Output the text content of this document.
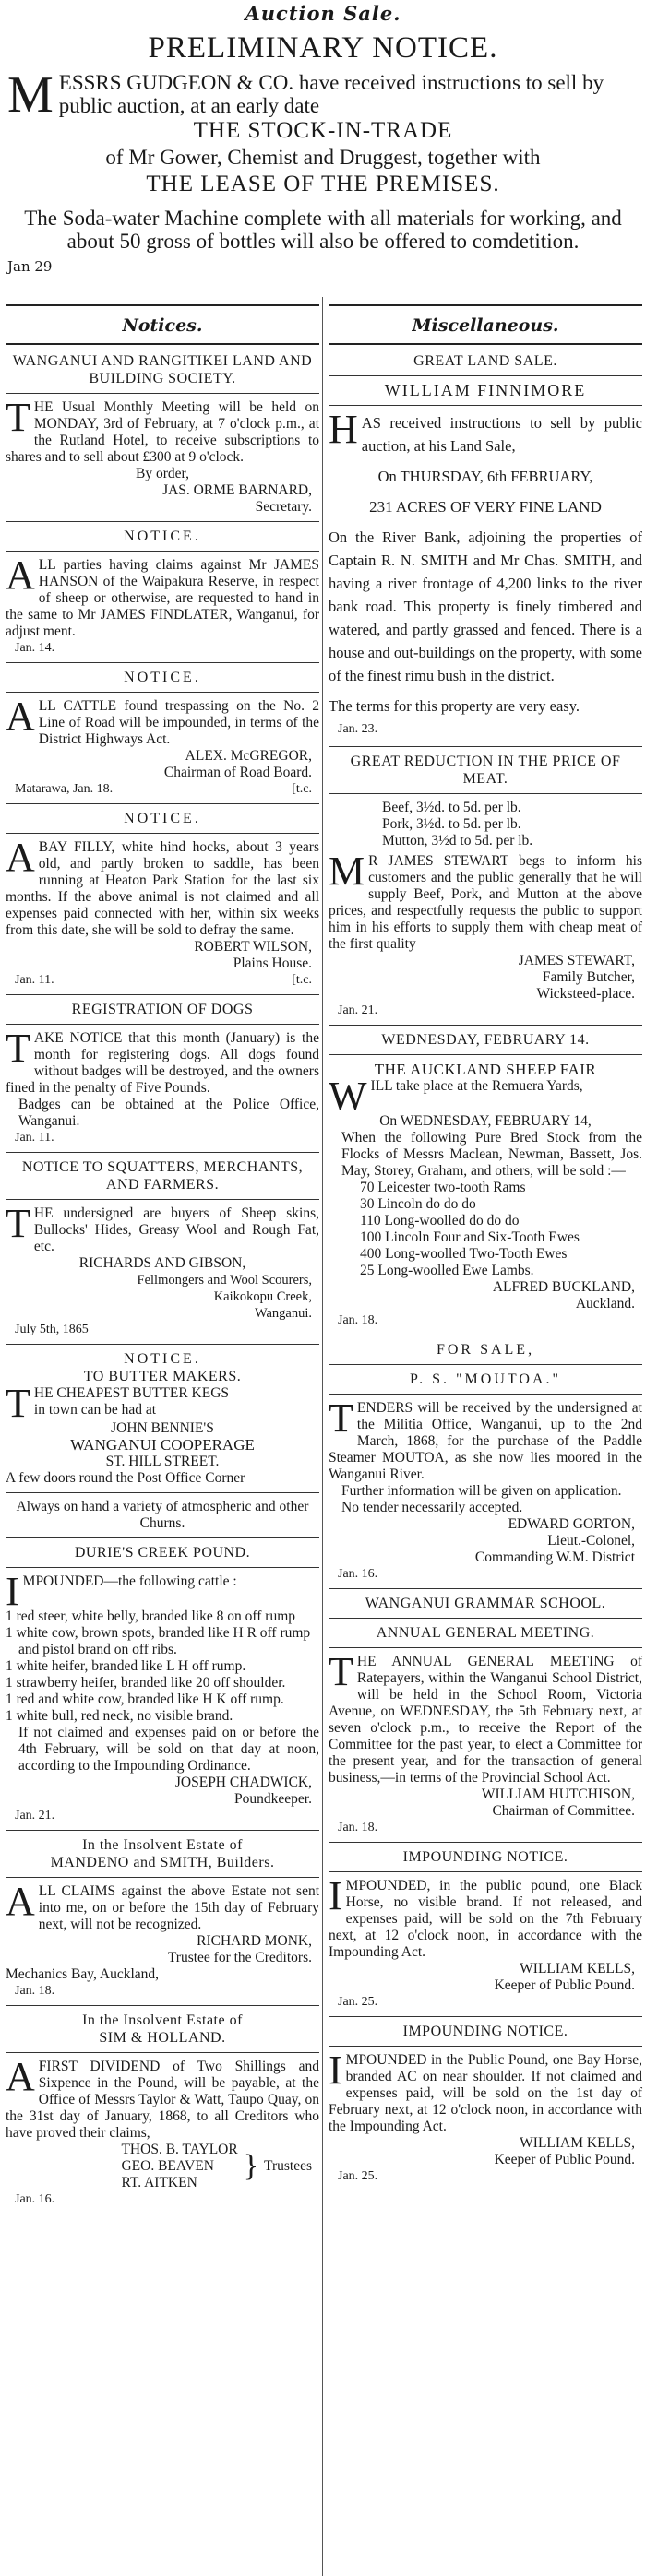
Auction Sale.
PRELIMINARY NOTICE.

MESSRS GUDGEON & CO. have received instructions to sell by public auction, at an early date

THE STOCK-IN-TRADE

of Mr Gower, Chemist and Druggest, together with

THE LEASE OF THE PREMISES.

The Soda-water Machine complete with all materials for working, and about 50 gross of bottles will also be offered to comdetition.

Jan 29
Notices.
WANGANUI AND RANGITIKEI LAND AND BUILDING SOCIETY.

THE Usual Monthly Meeting will be held on MONDAY, 3rd of February, at 7 o'clock p.m., at the Rutland Hotel, to receive subscriptions to shares and to sell about £300 at 9 o'clock.

By order,

JAS. ORME BARNARD,

Secretary.

NOTICE.

ALL parties having claims against Mr JAMES HANSON of the Waipakura Reserve, in respect of sheep or otherwise, are requested to hand in the same to Mr JAMES FINDLATER, Wanganui, for adjust ment.

Jan. 14.

NOTICE.

ALL CATTLE found trespassing on the No. 2 Line of Road will be impounded, in terms of the District Highways Act.

ALEX. McGREGOR,

Chairman of Road Board.

Matarawa, Jan. 18.	[t.c.
NOTICE.

ABAY FILLY, white hind hocks, about 3 years old, and partly broken to saddle, has been running at Heaton Park Station for the last six months. If the above animal is not claimed and all expenses paid connected with her, within six weeks from this date, she will be sold to defray the same.

ROBERT WILSON,

Plains House.

Jan. 11.	[t.c.
REGISTRATION OF DOGS

TAKE NOTICE that this month (January) is the month for registering dogs. All dogs found without badges will be destroyed, and the owners fined in the penalty of Five Pounds.

Badges can be obtained at the Police Office, Wanganui.

Jan. 11.

NOTICE TO SQUATTERS, MERCHANTS, AND FARMERS.

THE undersigned are buyers of Sheep skins, Bullocks' Hides, Greasy Wool and Rough Fat, etc.

RICHARDS AND GIBSON,

Fellmongers and Wool Scourers,

Kaikokopu Creek,

Wanganui.

July 5th, 1865

NOTICE.
TO BUTTER MAKERS.

THE CHEAPEST BUTTER KEGS
in town can be had at

JOHN BENNIE'S

WANGANUI COOPERAGE

ST. HILL STREET.

A few doors round the Post Office Corner

Always on hand a variety of atmospheric and other Churns.

DURIE'S CREEK POUND.

IMPOUNDED—the following cattle :

1 red steer, white belly, branded like 8 on off rump

1 white cow, brown spots, branded like H R off rump and pistol brand on off ribs.

1 white heifer, branded like L H off rump.

1 strawberry heifer, branded like 20 off shoulder.

1 red and white cow, branded like H K off rump.

1 white bull, red neck, no visible brand.

If not claimed and expenses paid on or before the 4th February, will be sold on that day at noon, according to the Impounding Ordinance.

JOSEPH CHADWICK,

Poundkeeper.

Jan. 21.

In the Insolvent Estate of
MANDENO and SMITH, Builders.

ALL CLAIMS against the above Estate not sent into me, on or before the 15th day of February next, will not be recognized.

RICHARD MONK,

Trustee for the Creditors.

Mechanics Bay, Auckland,

Jan. 18.

In the Insolvent Estate of
SIM & HOLLAND.

AFIRST DIVIDEND of Two Shillings and Sixpence in the Pound, will be payable, at the Office of Messrs Taylor & Watt, Taupo Quay, on the 31st day of January, 1868, to all Creditors who have proved their claims,

THOS. B. TAYLOR
GEO. BEAVEN
RT. AITKEN	} Trustees

Jan. 16.

Miscellaneous.
GREAT LAND SALE.
WILLIAM FINNIMORE

HAS received instructions to sell by public auction, at his Land Sale,

On THURSDAY, 6th FEBRUARY,

231 ACRES OF VERY FINE LAND

On the River Bank, adjoining the properties of Captain R. N. SMITH and Mr Chas. SMITH, and having a river frontage of 4,200 links to the river bank road. This property is finely timbered and watered, and partly grassed and fenced. There is a house and out-buildings on the property, with some of the finest rimu bush in the district.

The terms for this property are very easy.

Jan. 23.

GREAT REDUCTION IN THE PRICE OF MEAT.

Beef, 3½d. to 5d. per lb.

Pork, 3½d. to 5d. per lb.

Mutton, 3½d to 5d. per lb.

M R JAMES STEWART begs to inform his customers and the public generally that he will supply Beef, Pork, and Mutton at the above prices, and respectfully requests the public to support him in his efforts to supply them with cheap meat of the first quality

JAMES STEWART,

Family Butcher,

Wicksteed-place.

Jan. 21.

WEDNESDAY, FEBRUARY 14.
THE AUCKLAND SHEEP FAIR

WILL take place at the Remuera Yards,

On WEDNESDAY, FEBRUARY 14,

When the following Pure Bred Stock from the Flocks of Messrs Maclean, Newman, Bassett, Jos. May, Storey, Graham, and others, will be sold :—

70 Leicester two-tooth Rams

30 Lincoln do do do

110 Long-woolled do do do

100 Lincoln Four and Six-Tooth Ewes

400 Long-woolled Two-Tooth Ewes

25 Long-woolled Ewe Lambs.

ALFRED BUCKLAND,

Auckland.

Jan. 18.

FOR SALE,
P. S. "MOUTOA."

TENDERS will be received by the undersigned at the Militia Office, Wanganui, up to the 2nd March, 1868, for the purchase of the Paddle Steamer MOUTOA, as she now lies moored in the Wanganui River.

Further information will be given on application.

No tender necessarily accepted.

EDWARD GORTON,

Lieut.-Colonel,

Commanding W.M. District

Jan. 16.

WANGANUI GRAMMAR SCHOOL.
ANNUAL GENERAL MEETING.

THE ANNUAL GENERAL MEETING of Ratepayers, within the Wanganui School District, will be held in the School Room, Victoria Avenue, on WEDNESDAY, the 5th February next, at seven o'clock p.m., to receive the Report of the Committee for the past year, to elect a Committee for the present year, and for the transaction of general business,—in terms of the Provincial School Act.

WILLIAM HUTCHISON,

Chairman of Committee.

Jan. 18.

IMPOUNDING NOTICE.

IMPOUNDED, in the public pound, one Black Horse, no visible brand. If not released, and expenses paid, will be sold on the 7th February next, at 12 o'clock noon, in accordance with the Impounding Act.

WILLIAM KELLS,

Keeper of Public Pound.

Jan. 25.

IMPOUNDING NOTICE.

IMPOUNDED in the Public Pound, one Bay Horse, branded AC on near shoulder. If not claimed and expenses paid, will be sold on the 1st day of February next, at 12 o'clock noon, in accordance with the Impounding Act.

WILLIAM KELLS,

Keeper of Public Pound.

Jan. 25.
